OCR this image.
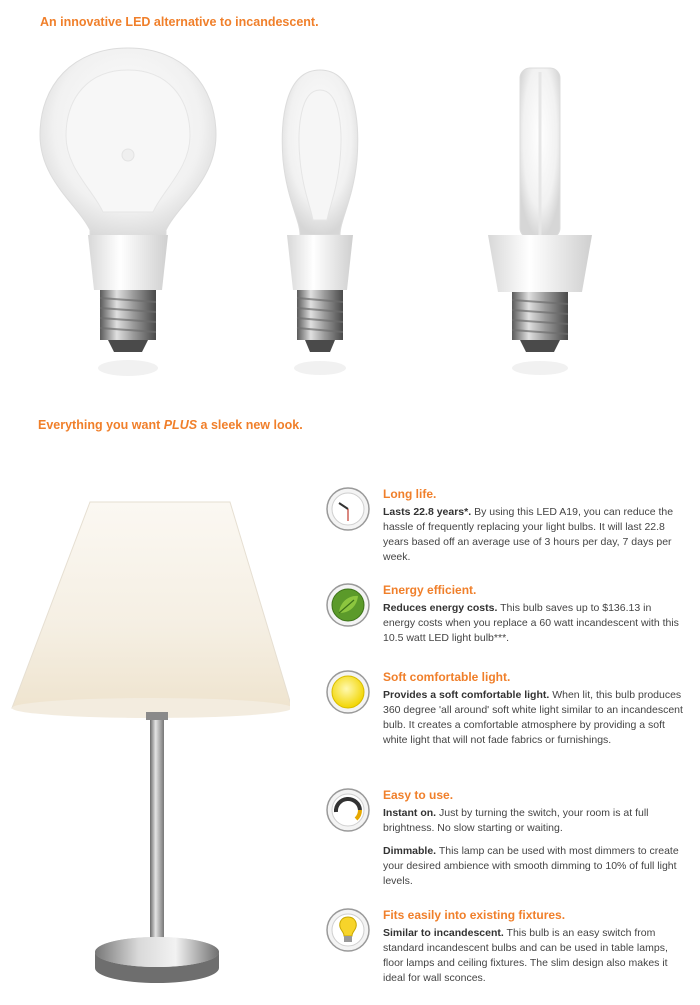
An innovative LED alternative to incandescent.
Everything you want PLUS a sleek new look.
Long life.

Lasts 22.8 years*. By using this LED A19, you can reduce the hassle of frequently replacing your light bulbs. It will last 22.8 years based off an average use of 3 hours per day, 7 days per week.

Energy efficient.

Reduces energy costs. This bulb saves up to $136.13 in energy costs when you replace a 60 watt incandescent with this 10.5 watt LED light bulb***.

Soft comfortable light.

Provides a soft comfortable light. When lit, this bulb produces 360 degree 'all around' soft white light similar to an incandescent bulb. It creates a comfortable atmosphere by providing a soft white light that will not fade fabrics or furnishings.

Easy to use.

Instant on. Just by turning the switch, your room is at full brightness. No slow starting or waiting.

Dimmable. This lamp can be used with most dimmers to create your desired ambience with smooth dimming to 10% of full light levels.

Fits easily into existing fixtures.

Similar to incandescent. This bulb is an easy switch from standard incandescent bulbs and can be used in table lamps, floor lamps and ceiling fixtures. The slim design also makes it ideal for wall sconces.
